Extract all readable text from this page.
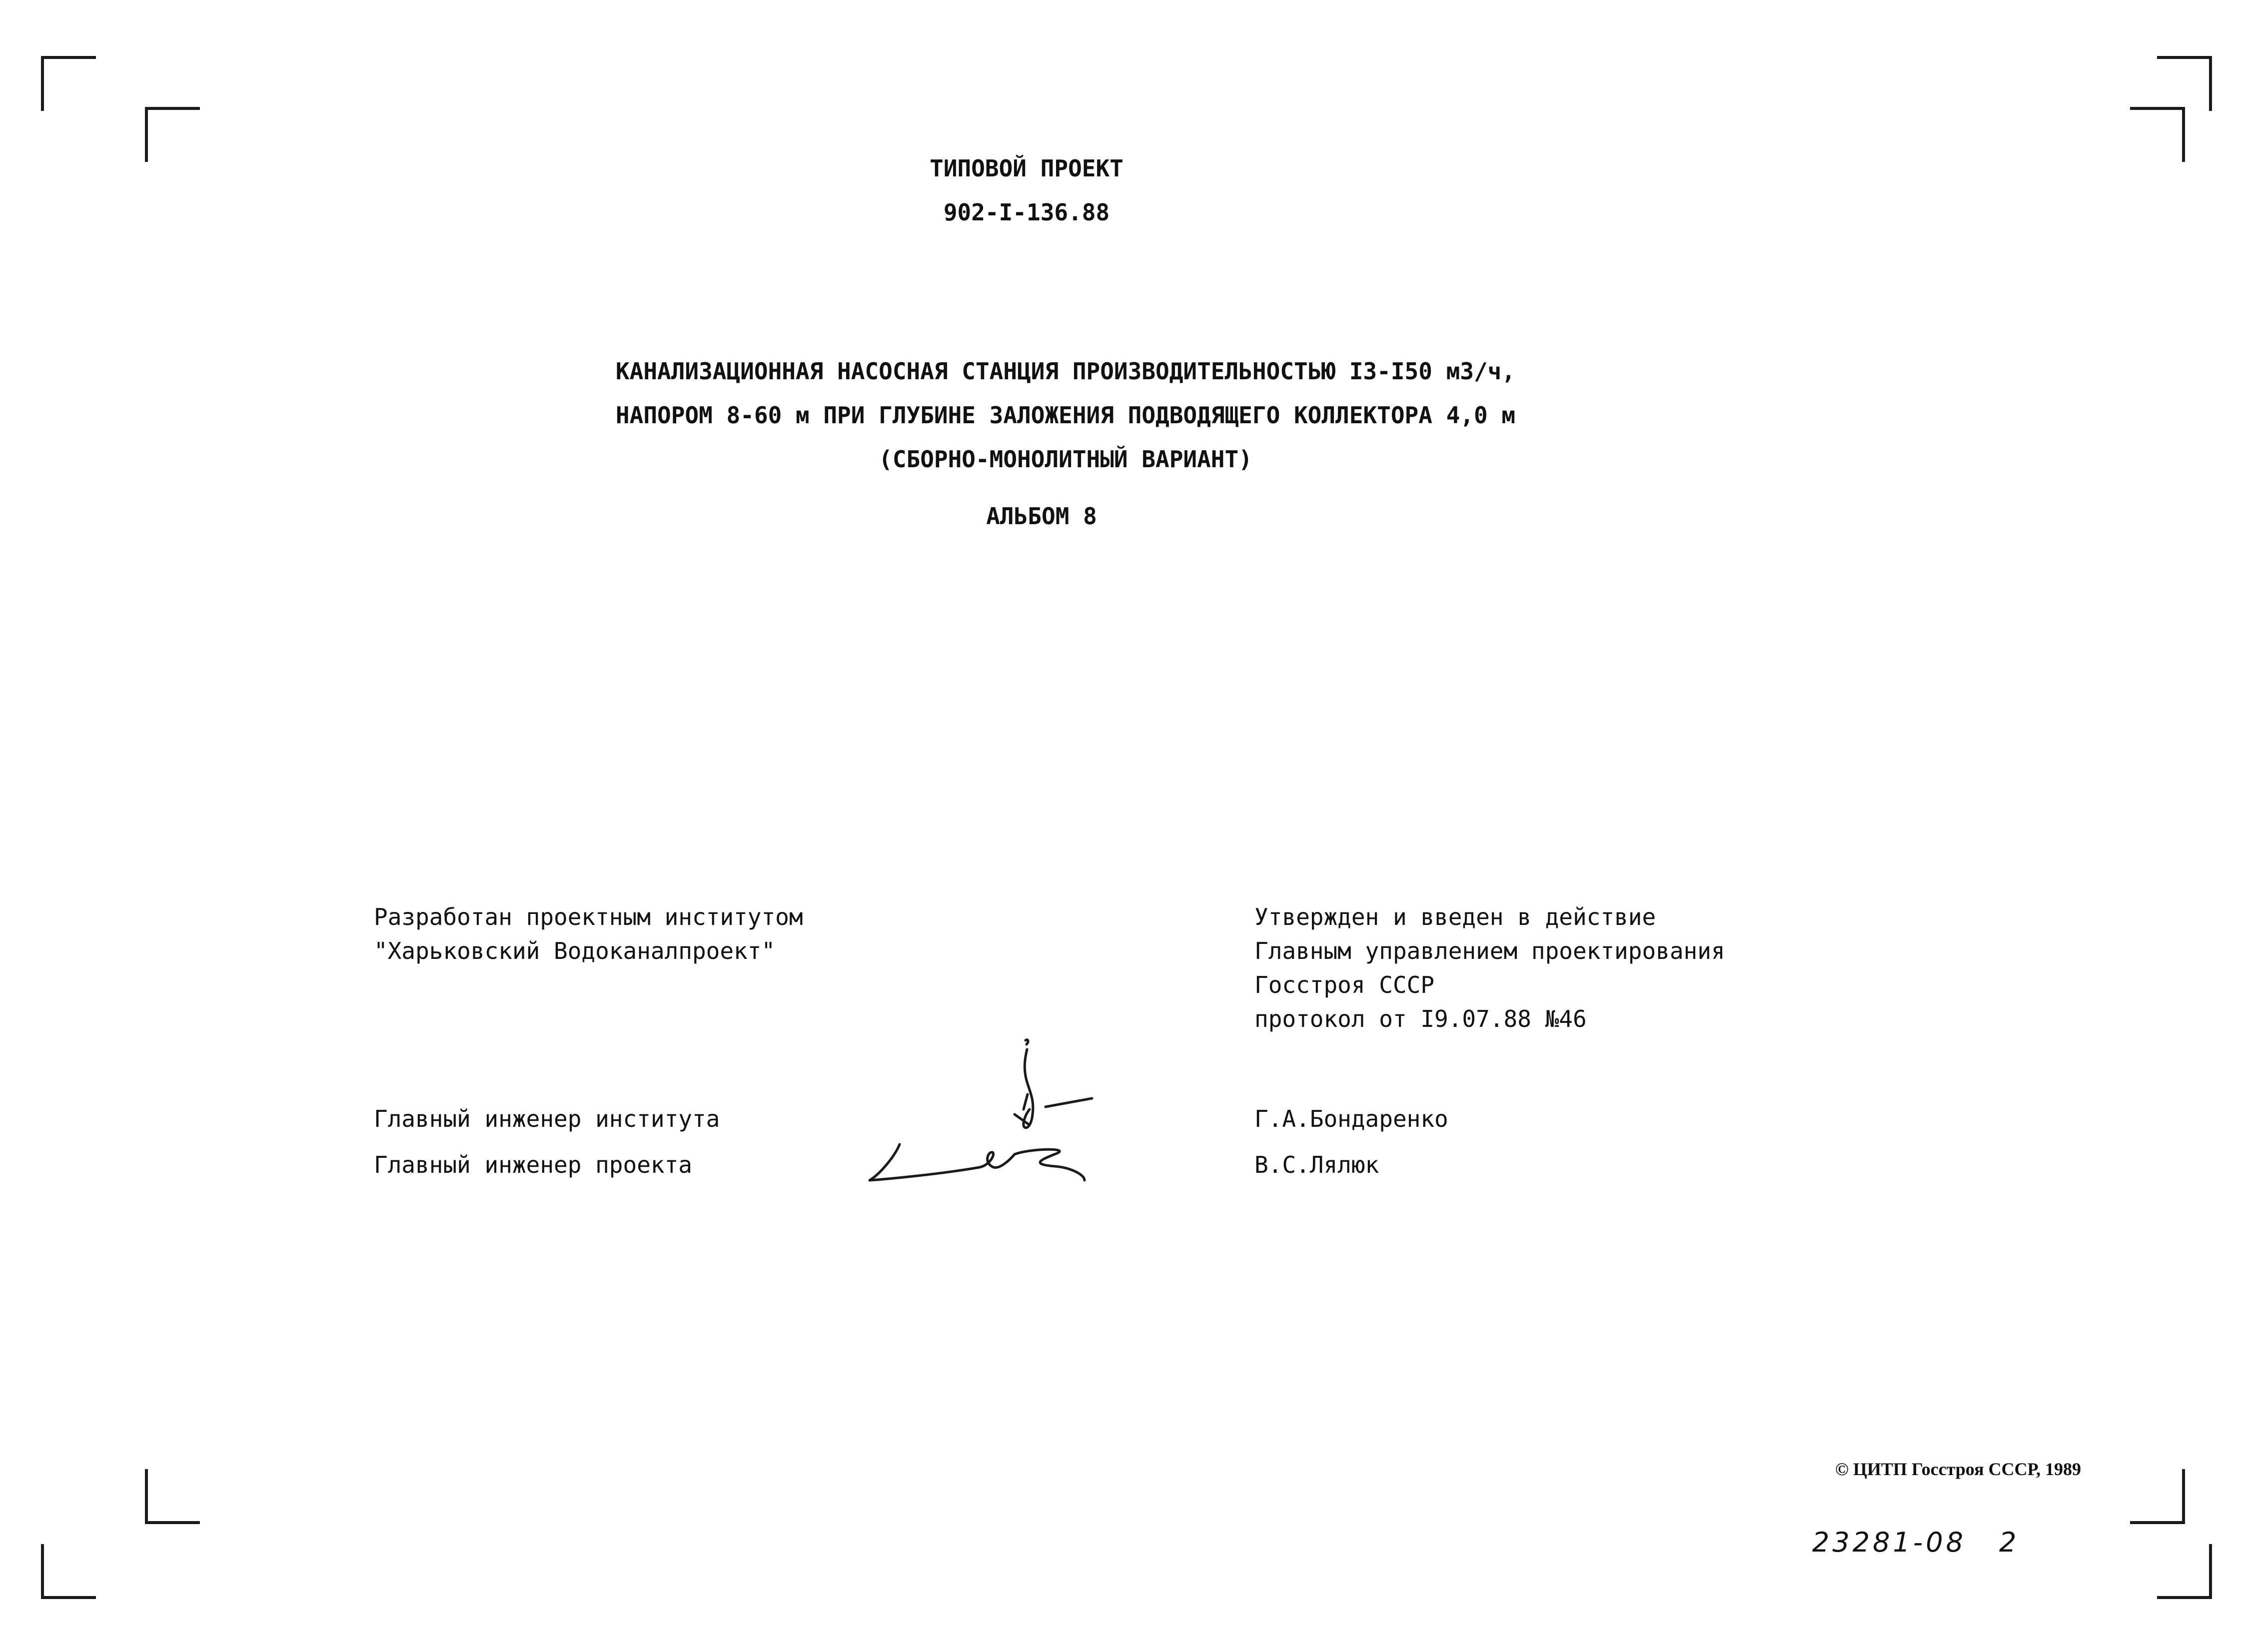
ТИПОВОЙ ПРОЕКТ
902-I-136.88
КАНАЛИЗАЦИОННАЯ НАСОСНАЯ СТАНЦИЯ ПРОИЗВОДИТЕЛЬНОСТЬЮ I3-I50 м3/ч,
НАПОРОМ 8-60 м ПРИ ГЛУБИНЕ ЗАЛОЖЕНИЯ ПОДВОДЯЩЕГО КОЛЛЕКТОРА 4,0 м
(СБОРНО-МОНОЛИТНЫЙ ВАРИАНТ)
АЛЬБОМ 8
Разработан проектным институтом
"Харьковский Водоканалпроект"
Утвержден и введен в действие
Главным управлением проектирования
Госстроя СССР
протокол от I9.07.88 №46
Главный инженер института	Г.А.Бондаренко
Главный инженер проекта	В.С.Лялюк
© ЦИТП Госстроя СССР, 1989
23281-08 2
